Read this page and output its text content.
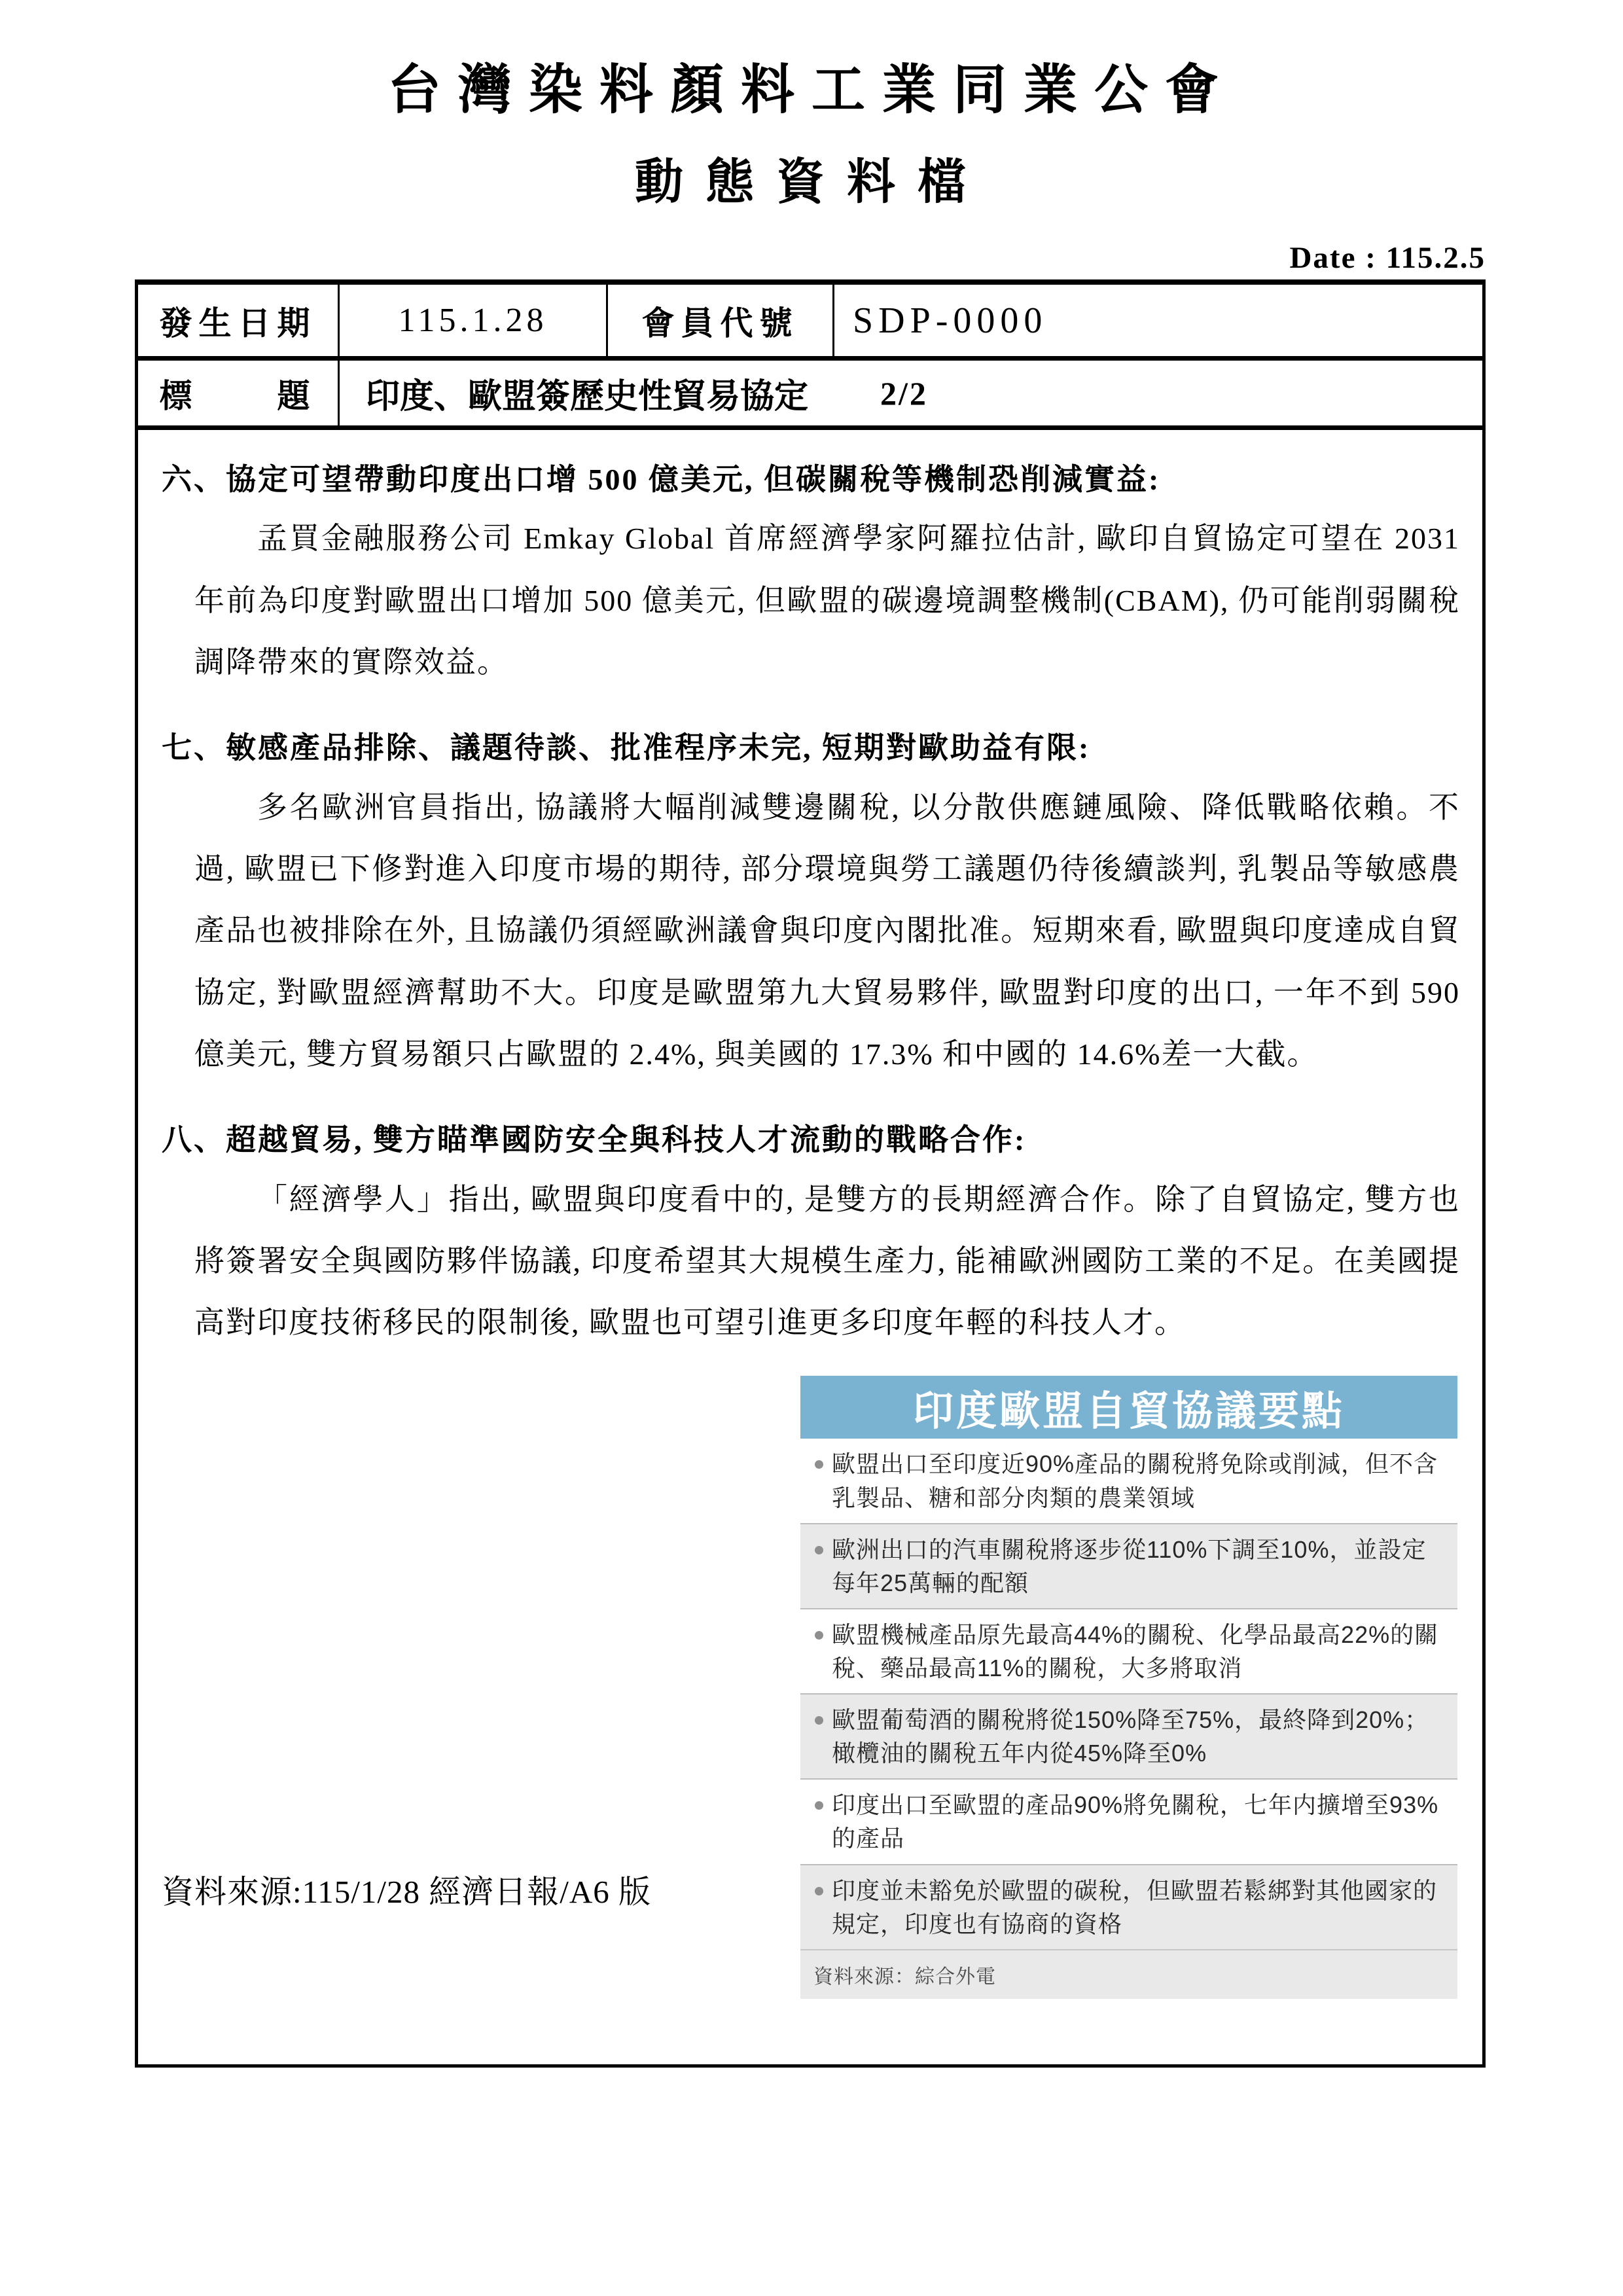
台灣染料顏料工業同業公會
動態資料檔
Date : 115.2.5
發生日期	115.1.28	會員代號	SDP-0000
標　　題	印度、歐盟簽歷史性貿易協定 2/2
六、協定可望帶動印度出口增 500 億美元, 但碳關稅等機制恐削減實益:
孟買金融服務公司 Emkay Global 首席經濟學家阿羅拉估計, 歐印自貿協定可望在 2031 年前為印度對歐盟出口增加 500 億美元, 但歐盟的碳邊境調整機制(CBAM), 仍可能削弱關稅調降帶來的實際效益。
七、敏感產品排除、議題待談、批准程序未完, 短期對歐助益有限:
多名歐洲官員指出, 協議將大幅削減雙邊關稅, 以分散供應鏈風險、降低戰略依賴。不過, 歐盟已下修對進入印度市場的期待, 部分環境與勞工議題仍待後續談判, 乳製品等敏感農產品也被排除在外, 且協議仍須經歐洲議會與印度內閣批准。短期來看, 歐盟與印度達成自貿協定, 對歐盟經濟幫助不大。印度是歐盟第九大貿易夥伴, 歐盟對印度的出口, 一年不到 590 億美元, 雙方貿易額只占歐盟的 2.4%, 與美國的 17.3% 和中國的 14.6%差一大截。
八、超越貿易, 雙方瞄準國防安全與科技人才流動的戰略合作:
「經濟學人」指出, 歐盟與印度看中的, 是雙方的長期經濟合作。除了自貿協定, 雙方也將簽署安全與國防夥伴協議, 印度希望其大規模生產力, 能補歐洲國防工業的不足。在美國提高對印度技術移民的限制後, 歐盟也可望引進更多印度年輕的科技人才。
資料來源:115/1/28 經濟日報/A6 版
印度歐盟自貿協議要點
歐盟出口至印度近90%產品的關稅將免除或削減，但不含乳製品、糖和部分肉類的農業領域
歐洲出口的汽車關稅將逐步從110%下調至10%，並設定每年25萬輛的配額
歐盟機械產品原先最高44%的關稅、化學品最高22%的關稅、藥品最高11%的關稅，大多將取消
歐盟葡萄酒的關稅將從150%降至75%，最終降到20%；橄欖油的關稅五年内從45%降至0%
印度出口至歐盟的產品90%將免關稅，七年内擴增至93%的產品
印度並未豁免於歐盟的碳稅，但歐盟若鬆綁對其他國家的規定，印度也有協商的資格
資料來源：綜合外電
